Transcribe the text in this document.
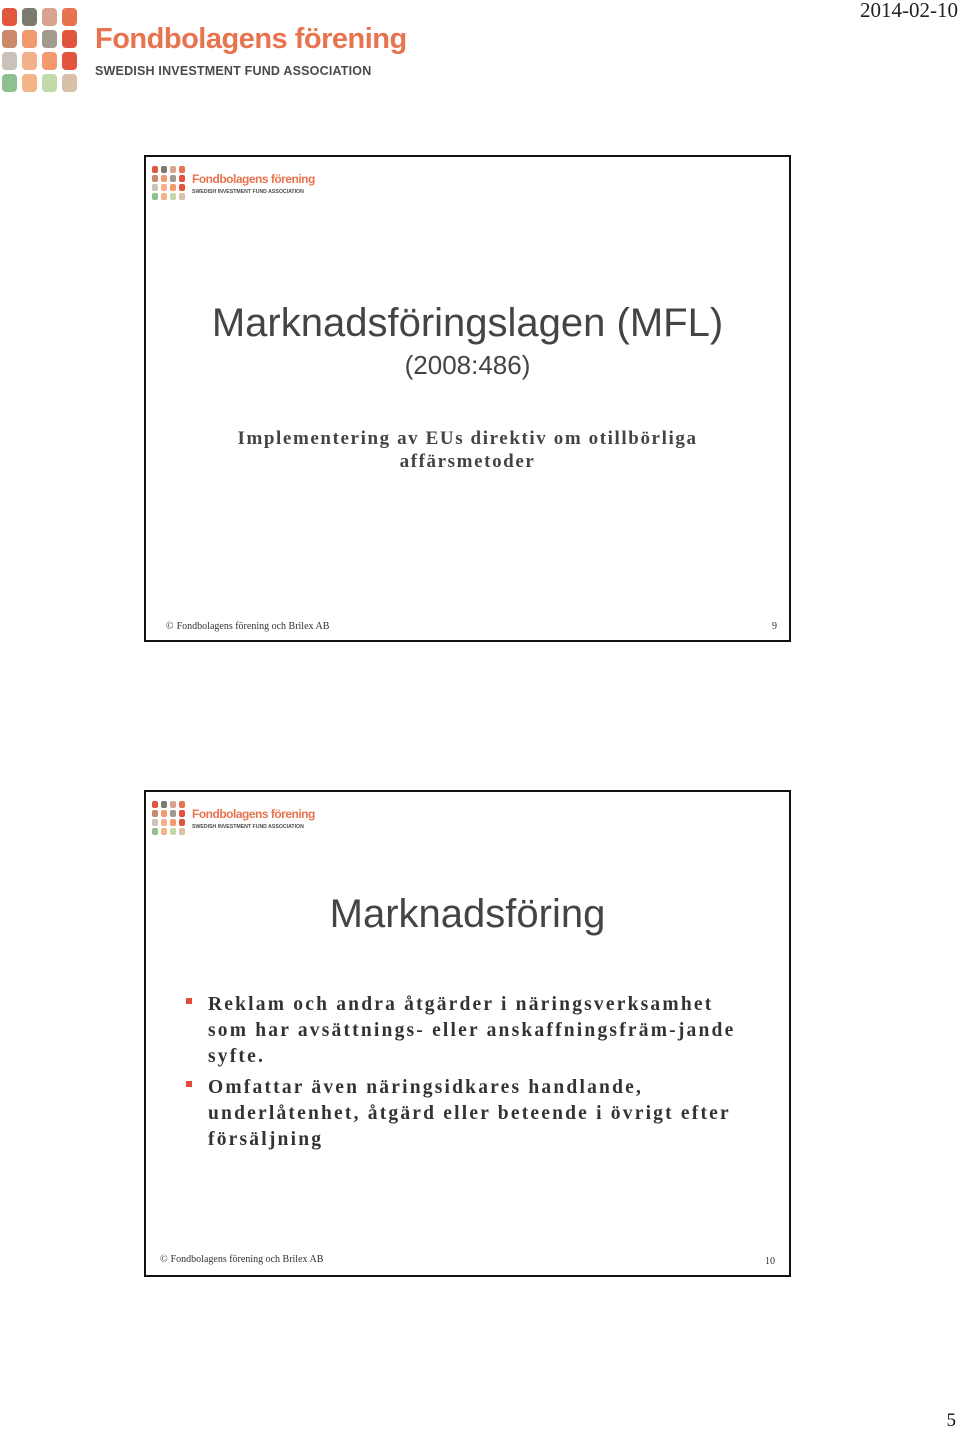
2014-02-10
Fondbolagens förening
SWEDISH INVESTMENT FUND ASSOCIATION
Fondbolagens förening
SWEDISH INVESTMENT FUND ASSOCIATION
Marknadsföringslagen (MFL)
(2008:486)
Implementering av EUs direktiv om otillbörliga affärsmetoder
© Fondbolagens förening och Brilex AB	9
Fondbolagens förening
SWEDISH INVESTMENT FUND ASSOCIATION
Marknadsföring
Reklam och andra åtgärder i näringsverksamhet som har avsättnings- eller anskaffningsfräm-jande syfte.
Omfattar även näringsidkares handlande, underlåtenhet, åtgärd eller beteende i övrigt efter försäljning
© Fondbolagens förening och Brilex AB	10
5
